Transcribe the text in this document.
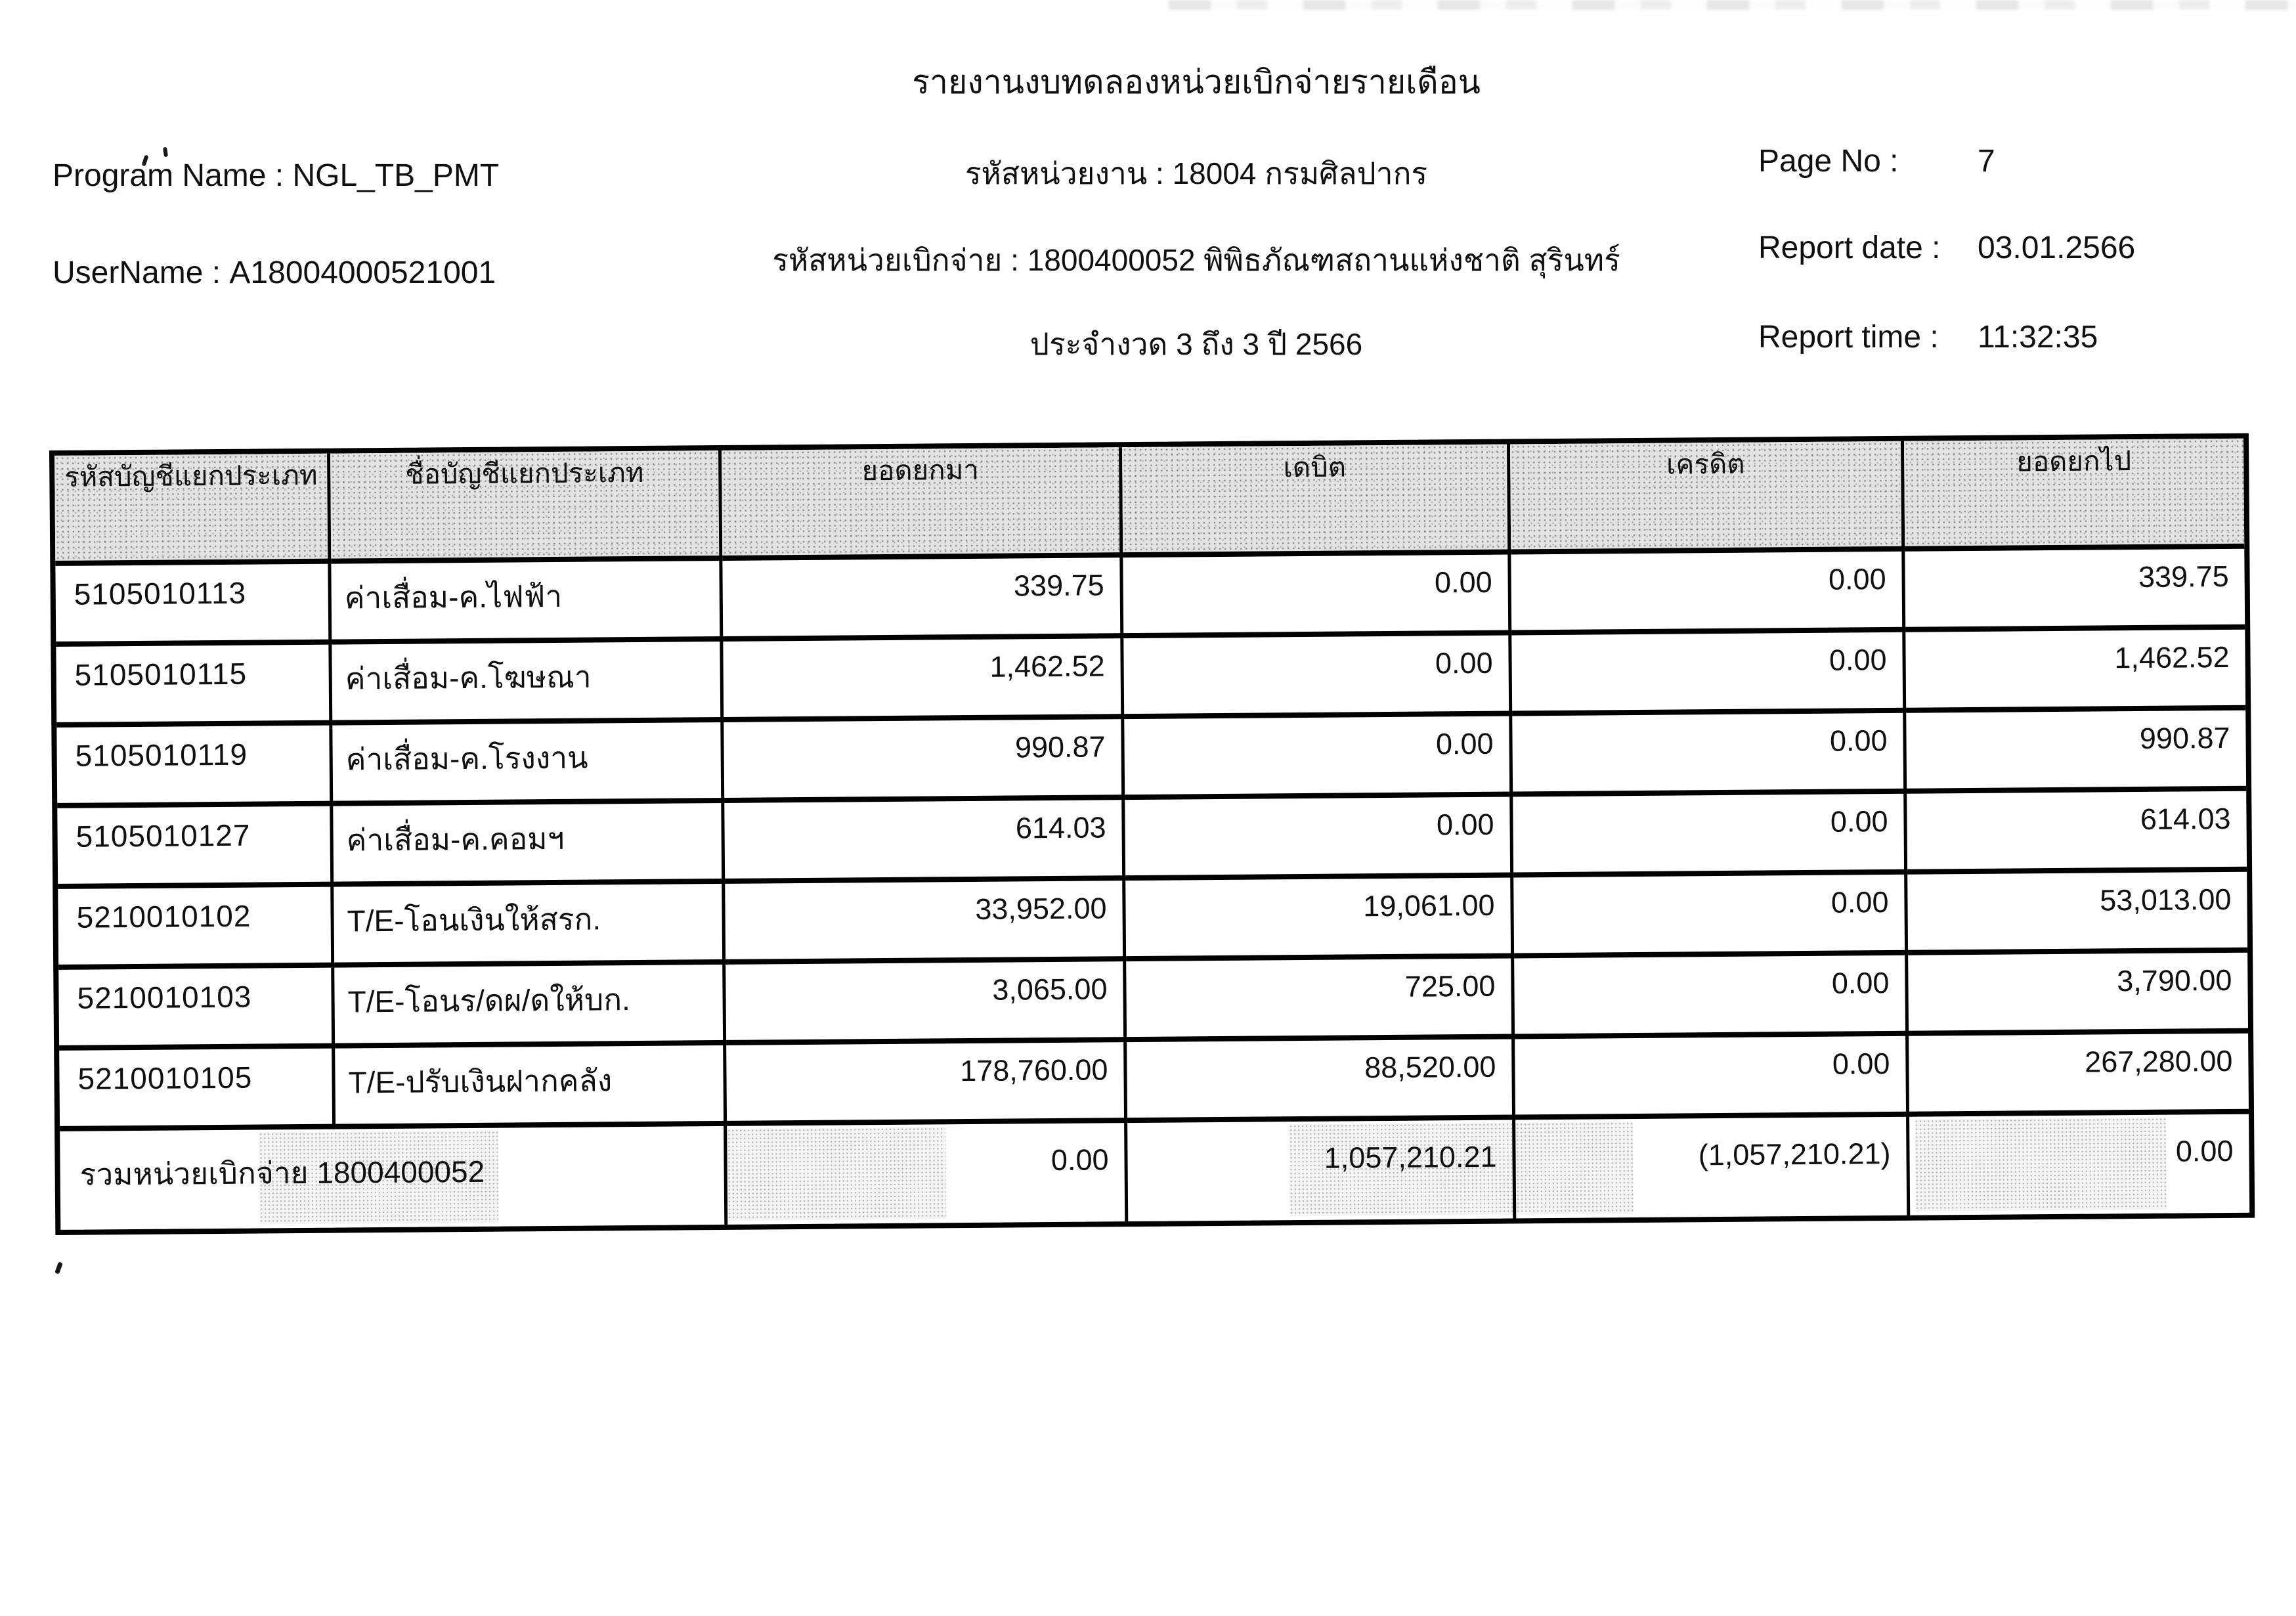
รายงานงบทดลองหน่วยเบิกจ่ายรายเดือน
Program Name : NGL_TB_PMT
UserName : A18004000521001
รหัสหน่วยงาน : 18004 กรมศิลปากร
รหัสหน่วยเบิกจ่าย : 1800400052 พิพิธภัณฑสถานแห่งชาติ สุรินทร์
ประจำงวด 3 ถึง 3 ปี 2566
Page No :	7
Report date : 03.01.2566
Report time : 11:32:35
รหัสบัญชีแยกประเภท	ชื่อบัญชีแยกประเภท	ยอดยกมา	เดบิต	เครดิต	ยอดยกไป
5105010113	ค่าเสื่อม-ค.ไฟฟ้า	339.75	0.00	0.00	339.75
5105010115	ค่าเสื่อม-ค.โฆษณา	1,462.52	0.00	0.00	1,462.52
5105010119	ค่าเสื่อม-ค.โรงงาน	990.87	0.00	0.00	990.87
5105010127	ค่าเสื่อม-ค.คอมฯ	614.03	0.00	0.00	614.03
5210010102	T/E-โอนเงินให้สรก.	33,952.00	19,061.00	0.00	53,013.00
5210010103	T/E-โอนร/ดผ/ดให้บก.	3,065.00	725.00	0.00	3,790.00
5210010105	T/E-ปรับเงินฝากคลัง	178,760.00	88,520.00	0.00	267,280.00
รวมหน่วยเบิกจ่าย 1800400052	0.00	1,057,210.21	(1,057,210.21)	0.00
